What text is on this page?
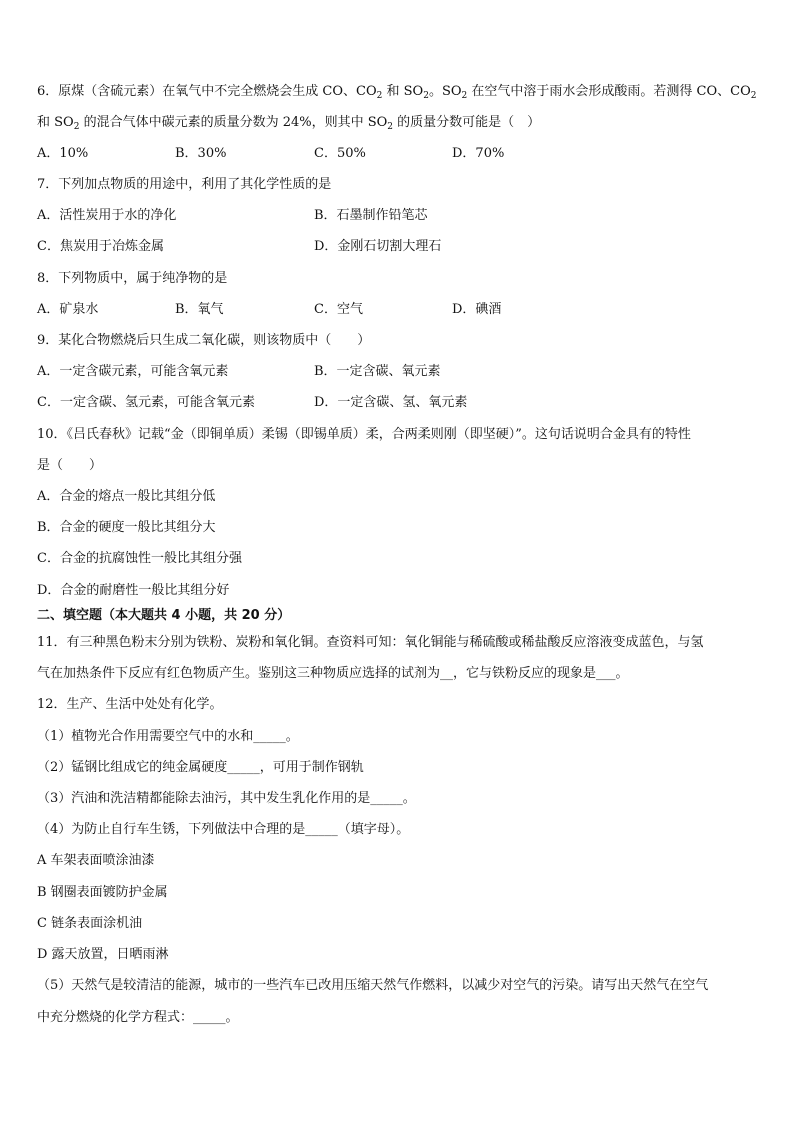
6．原煤（含硫元素）在氧气中不完全燃烧会生成 CO、$CO_2$ 和 $SO_2$。$SO_2$ 在空气中溶于雨水会形成酸雨。若测得 CO、$CO_2$
和 $SO_2$ 的混合气体中碳元素的质量分数为 24%，则其中 $SO_2$ 的质量分数可能是（　）
A．10%	B．30%	C．50%	D．70%
7．下列加点物质的用途中，利用了其化学性质的是
A．活性炭用于水的净化	B．石墨制作铅笔芯
C．焦炭用于冶炼金属	D．金刚石切割大理石
8．下列物质中，属于纯净物的是
A．矿泉水	B．氧气	C．空气	D．碘酒
9．某化合物燃烧后只生成二氧化碳，则该物质中（　　）
A．一定含碳元素，可能含氧元素	B．一定含碳、氧元素
C．一定含碳、氢元素，可能含氧元素	D．一定含碳、氢、氧元素
10．《吕氏春秋》记载“金（即铜单质）柔锡（即锡单质）柔，合两柔则刚（即坚硬）”。这句话说明合金具有的特性
是（　　）
A．合金的熔点一般比其组分低
B．合金的硬度一般比其组分大
C．合金的抗腐蚀性一般比其组分强
D．合金的耐磨性一般比其组分好
二、填空题（本大题共 4 小题，共 20 分）
11．有三种黑色粉末分别为铁粉、炭粉和氧化铜。查资料可知：氧化铜能与稀硫酸或稀盐酸反应溶液变成蓝色，与氢
气在加热条件下反应有红色物质产生。鉴别这三种物质应选择的试剂为__，它与铁粉反应的现象是___。
12．生产、生活中处处有化学。
（1）植物光合作用需要空气中的水和_____。
（2）锰钢比组成它的纯金属硬度_____，可用于制作钢轨
（3）汽油和洗洁精都能除去油污，其中发生乳化作用的是_____。
（4）为防止自行车生锈，下列做法中合理的是_____（填字母）。
A 车架表面喷涂油漆
B 钢圈表面镀防护金属
C 链条表面涂机油
D 露天放置，日晒雨淋
（5）天然气是较清洁的能源，城市的一些汽车已改用压缩天然气作燃料，以减少对空气的污染。请写出天然气在空气
中充分燃烧的化学方程式：_____。
